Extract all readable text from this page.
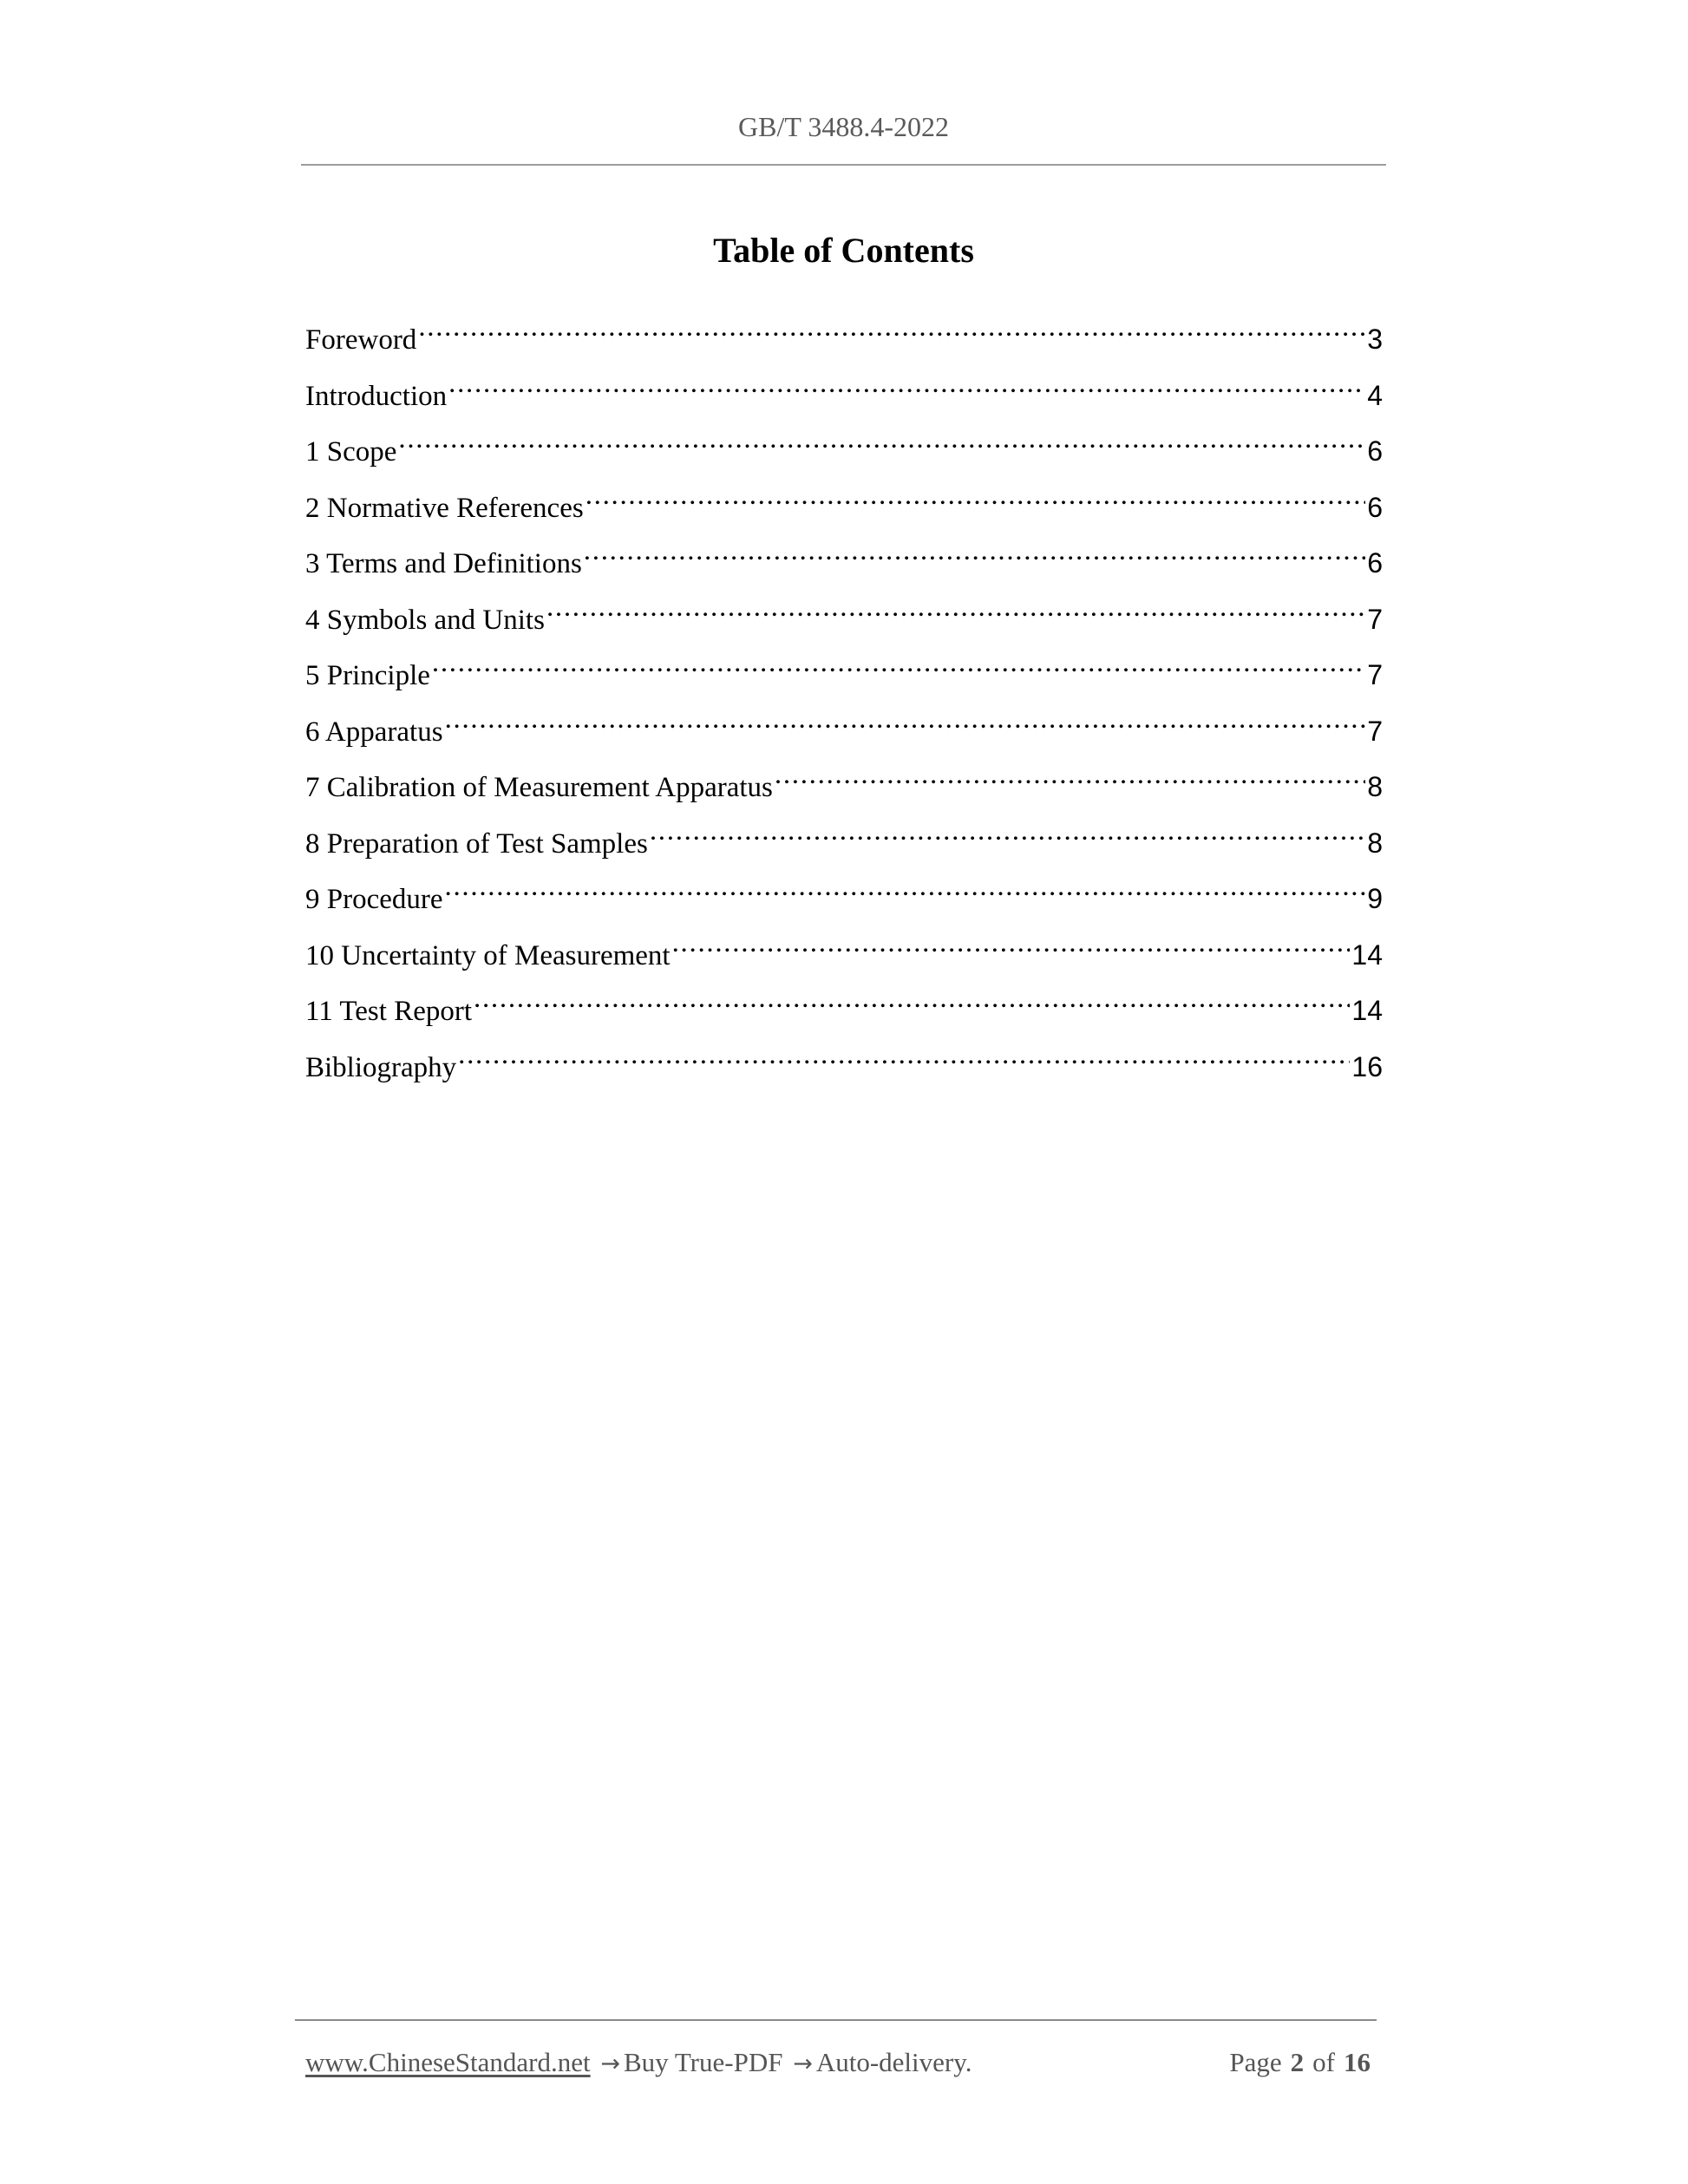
GB/T 3488.4-2022
Table of Contents
Foreword .....	3
Introduction .....	4
1 Scope .....	6
2 Normative References .....	6
3 Terms and Definitions .....	6
4 Symbols and Units .....	7
5 Principle .....	7
6 Apparatus .....	7
7 Calibration of Measurement Apparatus .....	8
8 Preparation of Test Samples .....	8
9 Procedure .....	9
10 Uncertainty of Measurement .....	14
11 Test Report .....	14
Bibliography .....	16
www.ChineseStandard.net → Buy True-PDF → Auto-delivery.	Page 2 of 16
